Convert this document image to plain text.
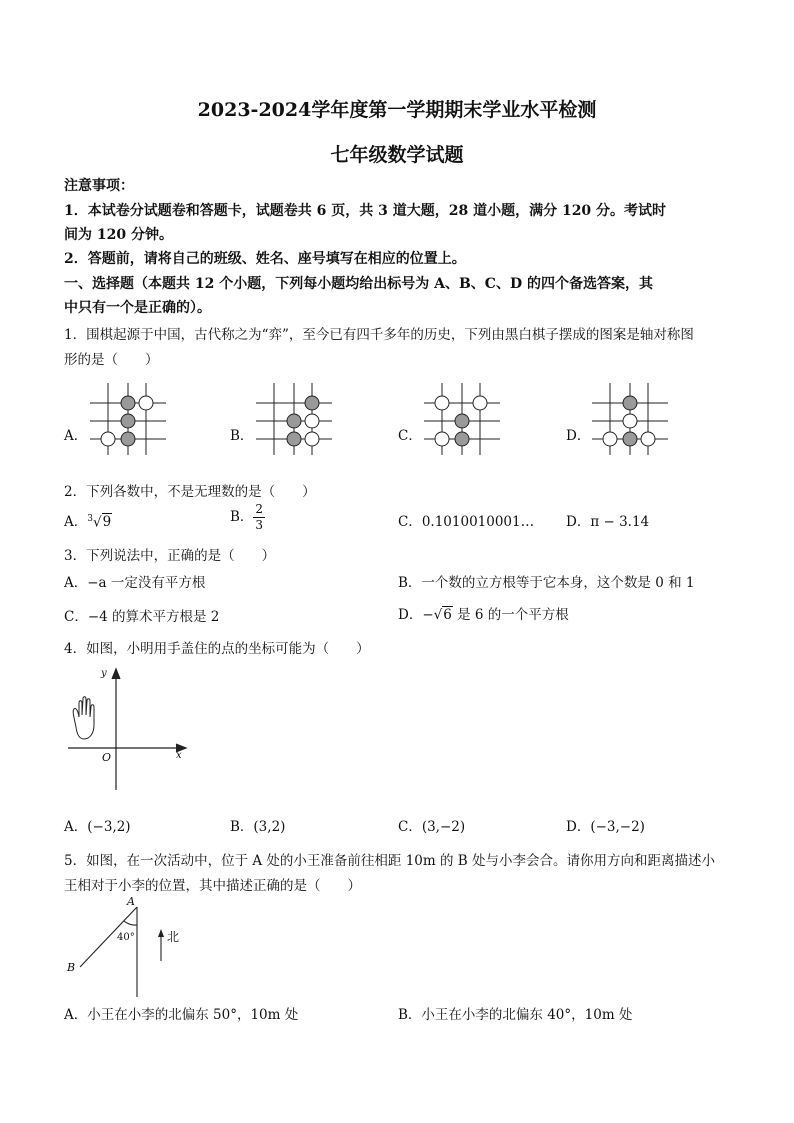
2023-2024学年度第一学期期末学业水平检测
七年级数学试题
注意事项：
1．本试卷分试题卷和答题卡，试题卷共 6 页，共 3 道大题，28 道小题，满分 120 分。考试时
间为 120 分钟。
2．答题前，请将自己的班级、姓名、座号填写在相应的位置上。
一、选择题（本题共 12 个小题，下列每小题均给出标号为 A、B、C、D 的四个备选答案，其
中只有一个是正确的）。
1．围棋起源于中国，古代称之为“弈”，至今已有四千多年的历史，下列由黑白棋子摆成的图案是轴对称图
形的是（　　）
A．	B．	C．	D．
2．下列各数中，不是无理数的是（　　）
A．$^3$√9	B． $\frac{2}{3}$	C．0.1010010001… D．π − 3.14
3．下列说法中，正确的是（　　）
A．−a 一定没有平方根	B．一个数的立方根等于它本身，这个数是 0 和 1
C．−4 的算术平方根是 2	D．−√6 是 6 的一个平方根
4．如图，小明用手盖住的点的坐标可能为（　　）
y
x
O
A．(−3,2)	B．(3,2)	C．(3,−2)	D．(−3,−2)
5．如图，在一次活动中，位于 A 处的小王准备前往相距 10m 的 B 处与小李会合。请你用方向和距离描述小
王相对于小李的位置，其中描述正确的是（　　）
A
B
40°	北
A．小王在小李的北偏东 50°，10m 处	B．小王在小李的北偏东 40°，10m 处
